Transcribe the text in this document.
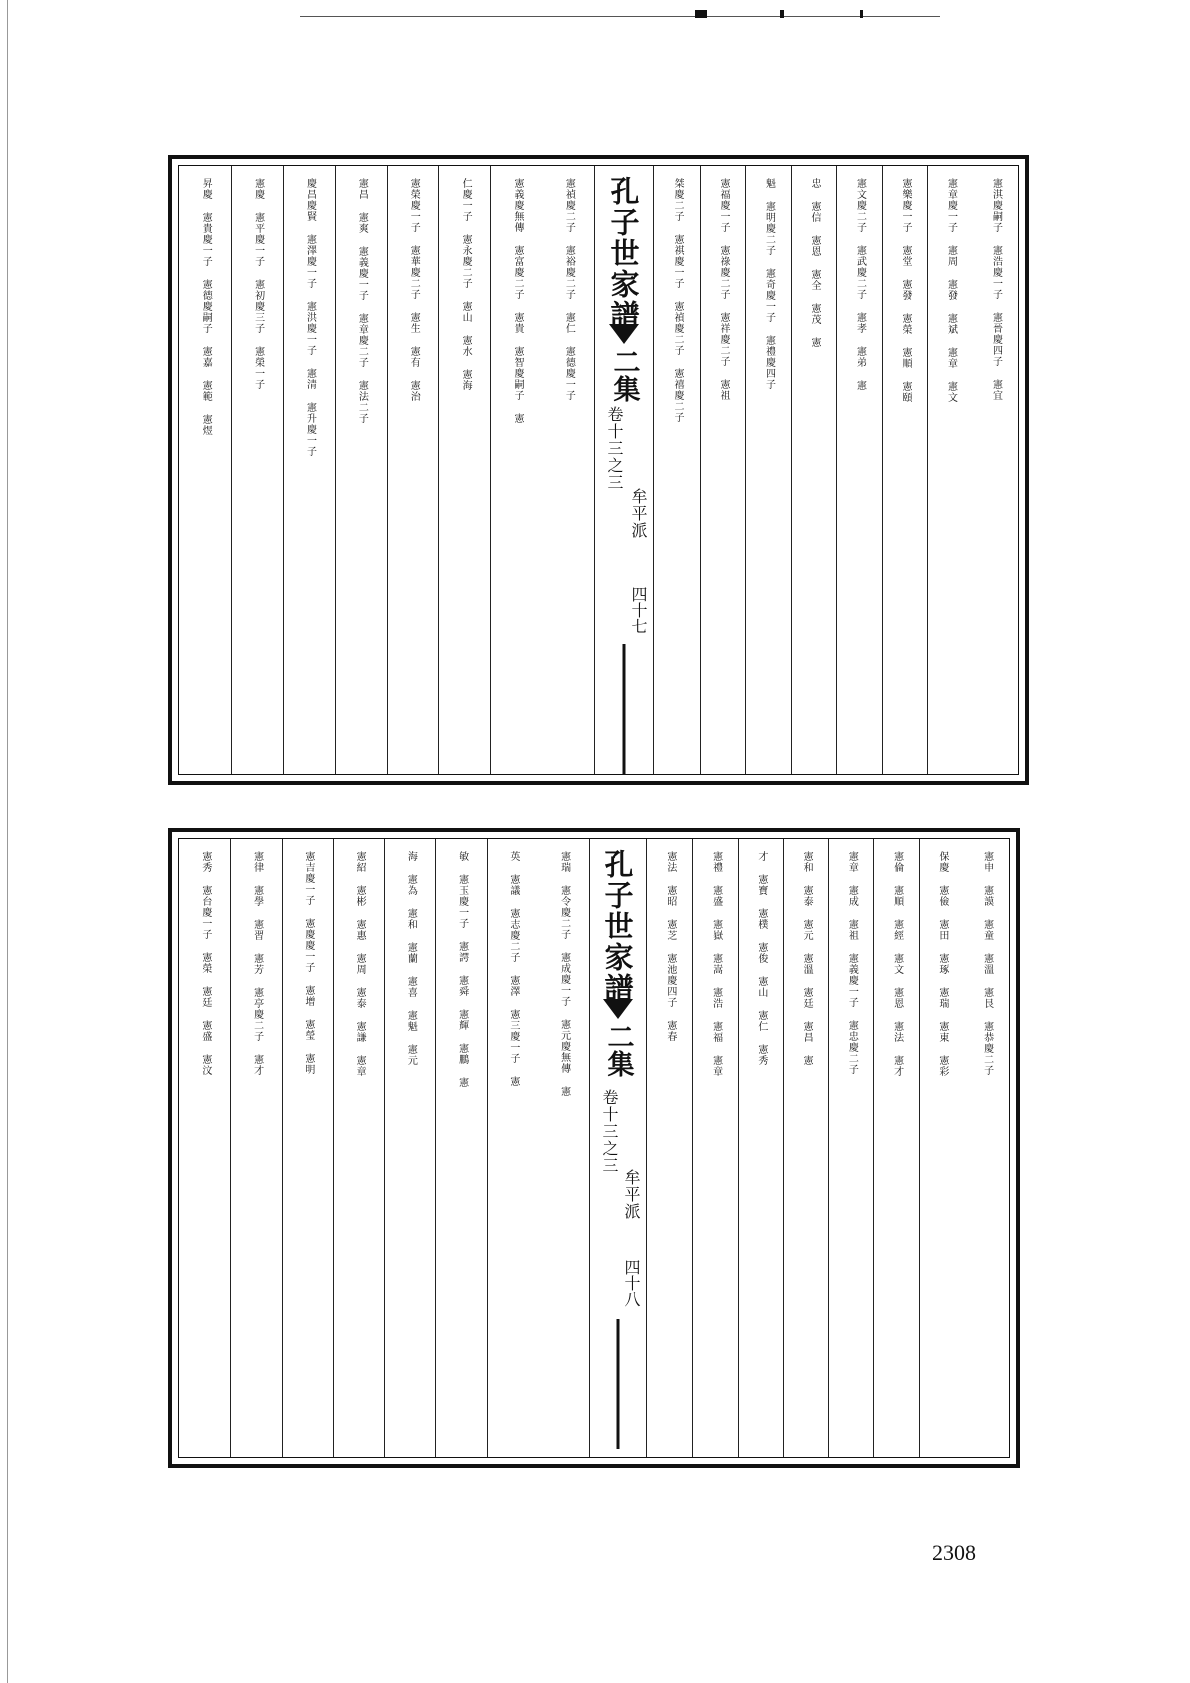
憲禎慶二子 憲裕慶二子 憲仁 憲德慶一子
憲義慶無傳 憲富慶二子 憲貴 憲智慶嗣子 憲
仁慶一子 憲永慶二子 憲山 憲水 憲海
憲榮慶一子 憲華慶二子 憲生 憲有 憲治
憲昌 憲爽 憲義慶一子 憲章慶二子 憲法二子
慶昌慶賢 憲澤慶一子 憲洪慶一子 憲清 憲升慶一子
憲慶 憲平慶一子 憲初慶三子 憲榮一子
昇慶 憲貴慶一子 憲德慶嗣子 憲嘉 憲範 憲煜	孔子世家譜
二集
卷十三之三
牟平派
四十七
憲淇慶嗣子 憲浩慶一子 憲晉慶四子 憲宜
憲章慶一子 憲周 憲發 憲斌 憲章 憲文
憲樂慶一子 憲堂 憲發 憲榮 憲順 憲頤
憲文慶二子 憲武慶二子 憲孝 憲弟 憲
忠 憲信 憲恩 憲全 憲茂 憲
魁 憲明慶二子 憲奇慶一子 憲禮慶四子
憲福慶一子 憲祿慶二子 憲祥慶二子 憲祖
桀慶二子 憲祺慶一子 憲禎慶二子 憲禧慶二子
憲瑞 憲令慶二子 憲成慶一子 憲元慶無傳 憲
英 憲議 憲志慶二子 憲澤 憲三慶一子 憲
敏 憲玉慶一子 憲諤 憲舜 憲輝 憲鵬 憲
海 憲為 憲和 憲蘭 憲喜 憲魁 憲元
憲紹 憲彬 憲惠 憲周 憲泰 憲謙 憲章
憲吉慶一子 憲慶慶一子 憲增 憲瑩 憲明
憲律 憲學 憲習 憲芳 憲亭慶二子 憲才
憲秀 憲台慶一子 憲榮 憲廷 憲盛 憲汶	孔子世家譜
二集
卷十三之三
牟平派
四十八
憲申 憲謨 憲童 憲溫 憲艮 憲恭慶二子
保慶 憲儉 憲田 憲琢 憲瑞 憲東 憲彩
憲倫 憲順 憲經 憲文 憲恩 憲法 憲才
憲章 憲成 憲祖 憲義慶一子 憲忠慶二子
憲和 憲泰 憲元 憲溫 憲廷 憲昌 憲
才 憲寶 憲樸 憲俊 憲山 憲仁 憲秀
憲禮 憲盛 憲嶽 憲嵩 憲浩 憲福 憲章
憲法 憲昭 憲芝 憲池慶四子 憲春
2308
